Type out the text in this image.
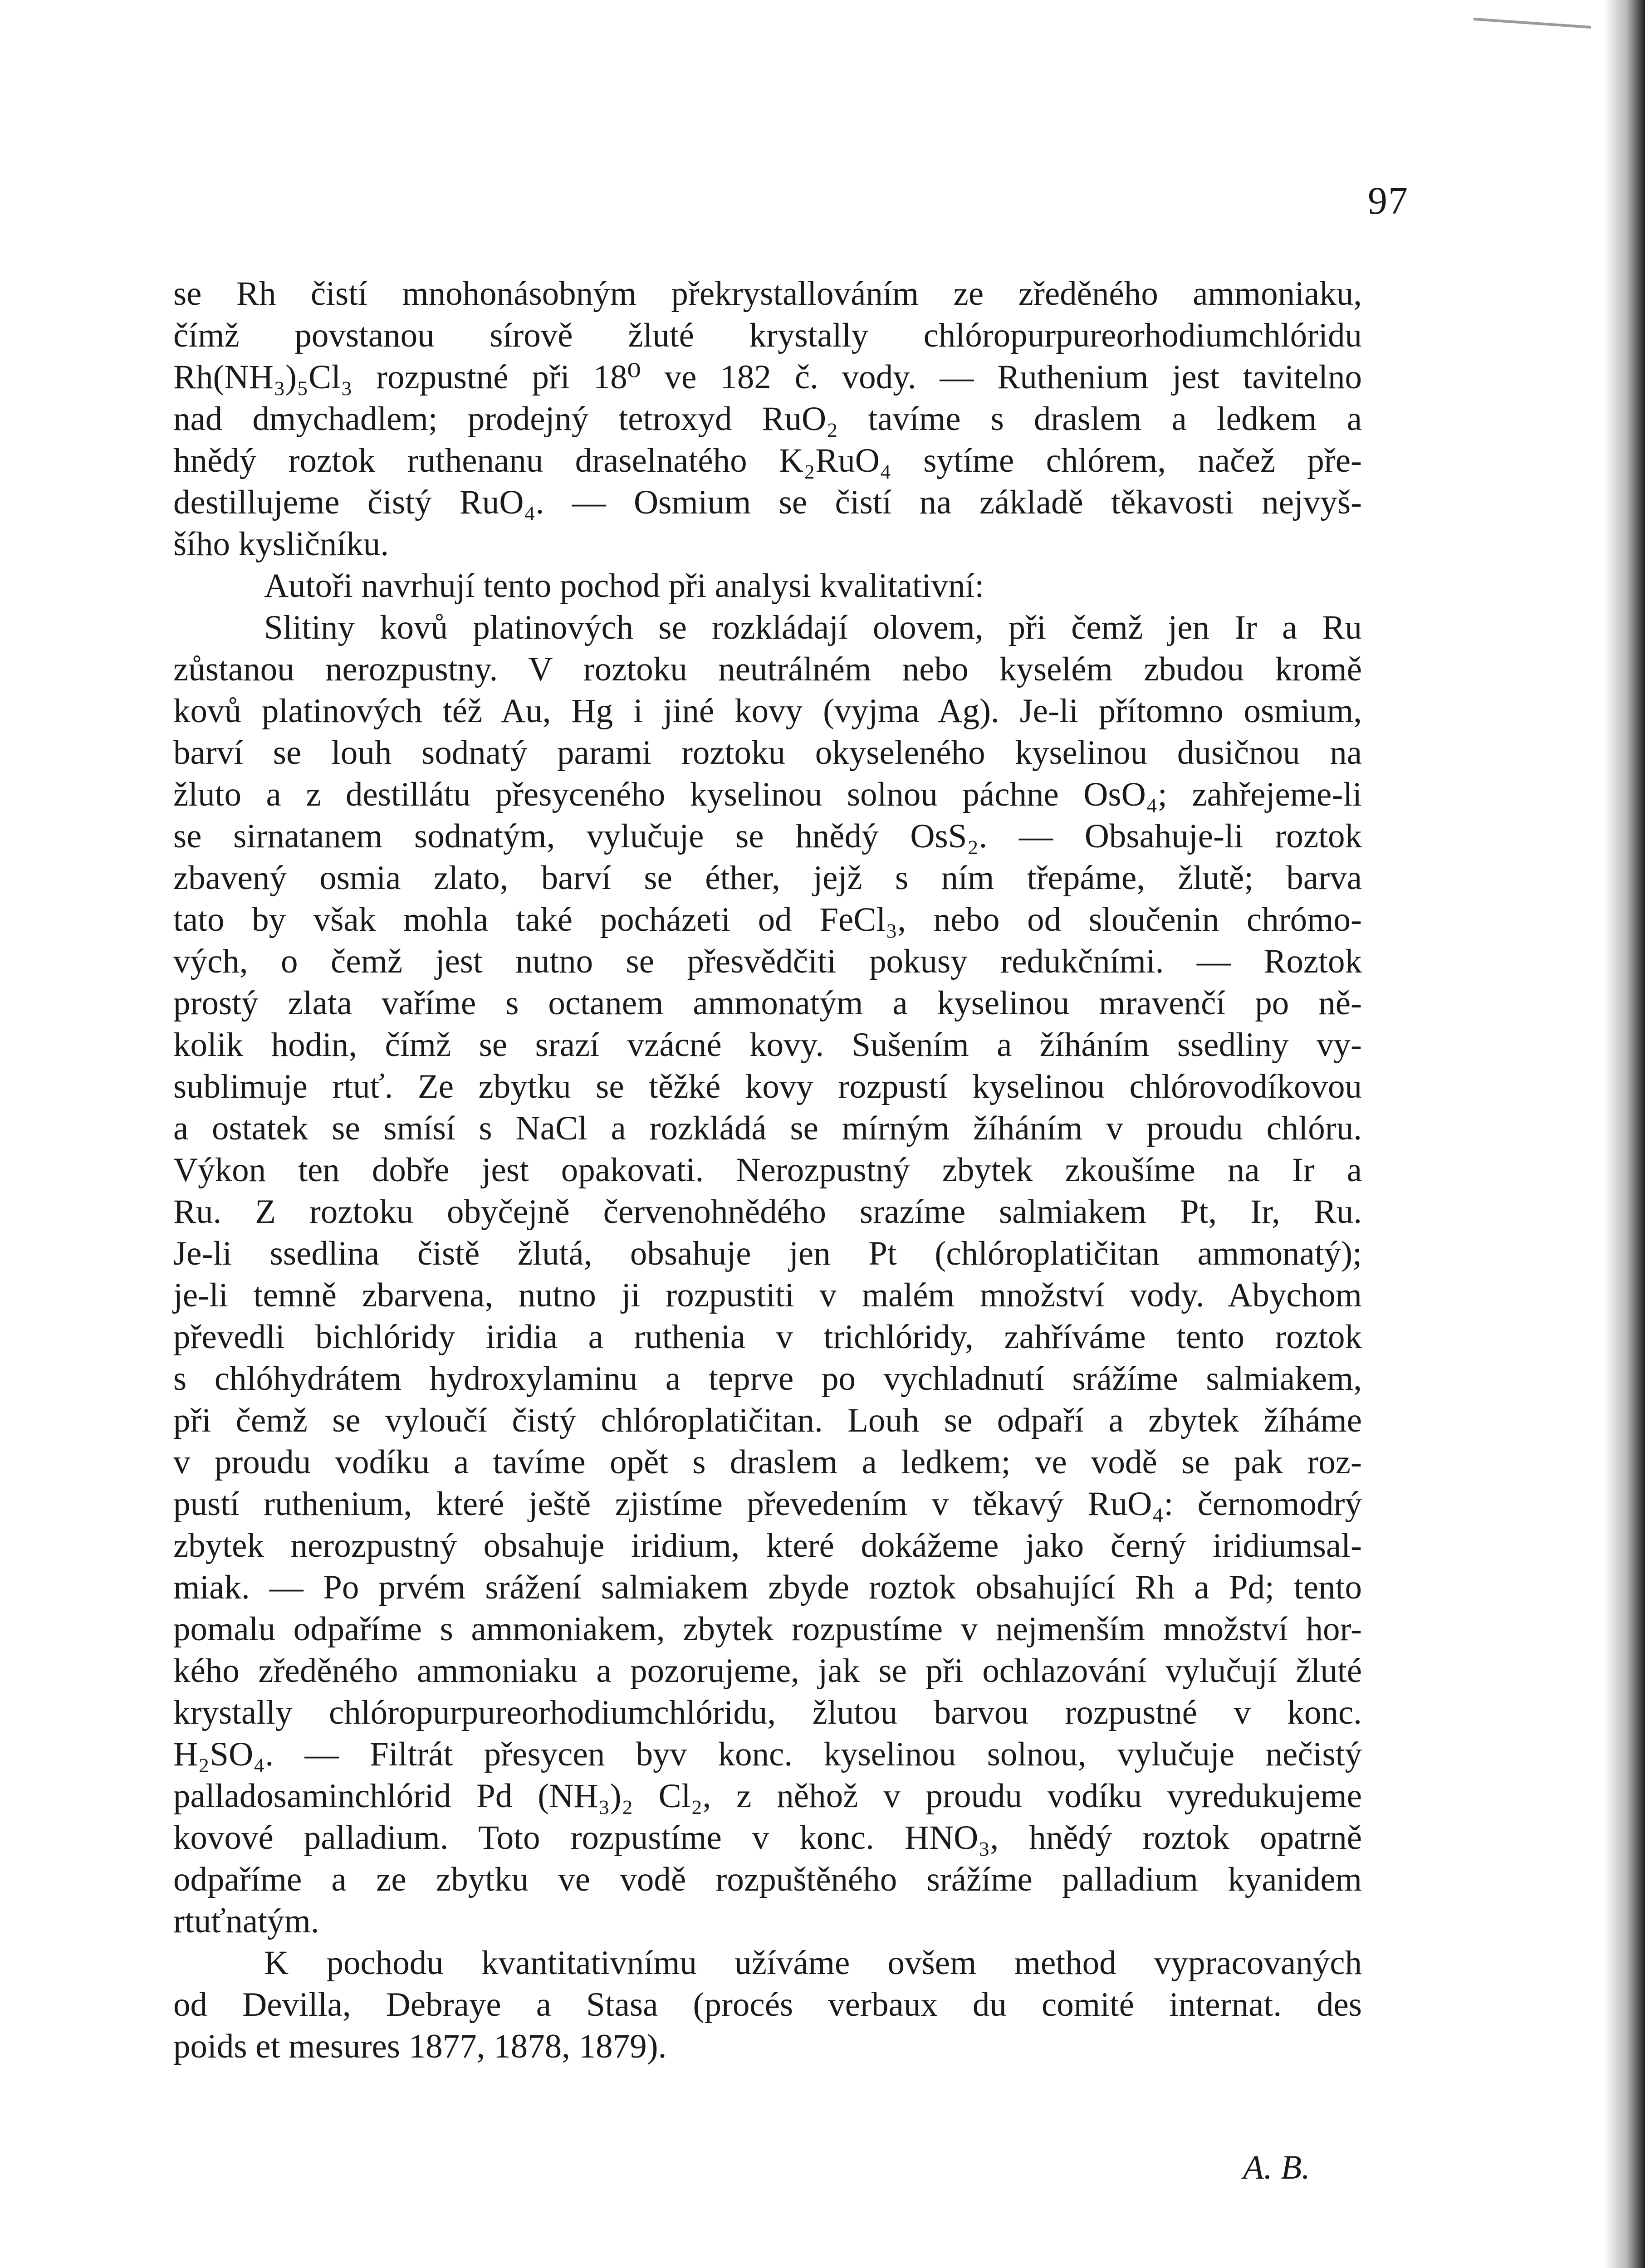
97
se Rh čistí mnohonásobným překrystallováním ze zředěného ammoniaku,
čímž povstanou sírově žluté krystally chlóropurpureorhodiumchlóridu
Rh(NH₃)₅Cl₃ rozpustné při 18⁰ ve 182 č. vody. — Ruthenium jest tavitelno
nad dmychadlem; prodejný tetroxyd RuO₂ tavíme s draslem a ledkem a
hnědý roztok ruthenanu draselnatého K₂RuO₄ sytíme chlórem, načež pře-
destillujeme čistý RuO₄. — Osmium se čistí na základě těkavosti nejvyš-
šího kysličníku.
Autoři navrhují tento pochod při analysi kvalitativní:
Slitiny kovů platinových se rozkládají olovem, při čemž jen Ir a Ru
zůstanou nerozpustny. V roztoku neutrálném nebo kyselém zbudou kromě
kovů platinových též Au, Hg i jiné kovy (vyjma Ag). Je-li přítomno osmium,
barví se louh sodnatý parami roztoku okyseleného kyselinou dusičnou na
žluto a z destillátu přesyceného kyselinou solnou páchne OsO₄; zahřejeme-li
se sirnatanem sodnatým, vylučuje se hnědý OsS₂. — Obsahuje-li roztok
zbavený osmia zlato, barví se éther, jejž s ním třepáme, žlutě; barva
tato by však mohla také pocházeti od FeCl₃, nebo od sloučenin chrómo-
vých, o čemž jest nutno se přesvědčiti pokusy redukčními. — Roztok
prostý zlata vaříme s octanem ammonatým a kyselinou mravenčí po ně-
kolik hodin, čímž se srazí vzácné kovy. Sušením a žíháním ssedliny vy-
sublimuje rtuť. Ze zbytku se těžké kovy rozpustí kyselinou chlórovodíkovou
a ostatek se smísí s NaCl a rozkládá se mírným žíháním v proudu chlóru.
Výkon ten dobře jest opakovati. Nerozpustný zbytek zkoušíme na Ir a
Ru. Z roztoku obyčejně červenohnědého srazíme salmiakem Pt, Ir, Ru.
Je-li ssedlina čistě žlutá, obsahuje jen Pt (chlóroplatičitan ammonatý);
je-li temně zbarvena, nutno ji rozpustiti v malém množství vody. Abychom
převedli bichlóridy iridia a ruthenia v trichlóridy, zahříváme tento roztok
s chlóhydrátem hydroxylaminu a teprve po vychladnutí srážíme salmiakem,
při čemž se vyloučí čistý chlóroplatičitan. Louh se odpaří a zbytek žíháme
v proudu vodíku a tavíme opět s draslem a ledkem; ve vodě se pak roz-
pustí ruthenium, které ještě zjistíme převedením v těkavý RuO₄: černomodrý
zbytek nerozpustný obsahuje iridium, které dokážeme jako černý iridiumsal-
miak. — Po prvém srážení salmiakem zbyde roztok obsahující Rh a Pd; tento
pomalu odpaříme s ammoniakem, zbytek rozpustíme v nejmenším množství hor-
kého zředěného ammoniaku a pozorujeme, jak se při ochlazování vylučují žluté
krystally chlóropurpureorhodiumchlóridu, žlutou barvou rozpustné v konc.
H₂SO₄. — Filtrát přesycen byv konc. kyselinou solnou, vylučuje nečistý
palladosaminchlórid Pd (NH₃)₂ Cl₂, z něhož v proudu vodíku vyredukujeme
kovové palladium. Toto rozpustíme v konc. HNO₃, hnědý roztok opatrně
odpaříme a ze zbytku ve vodě rozpuštěného srážíme palladium kyanidem
rtuťnatým.
K pochodu kvantitativnímu užíváme ovšem method vypracovaných
od Devilla, Debraye a Stasa (procés verbaux du comité internat. des
poids et mesures 1877, 1878, 1879).
A. B.
